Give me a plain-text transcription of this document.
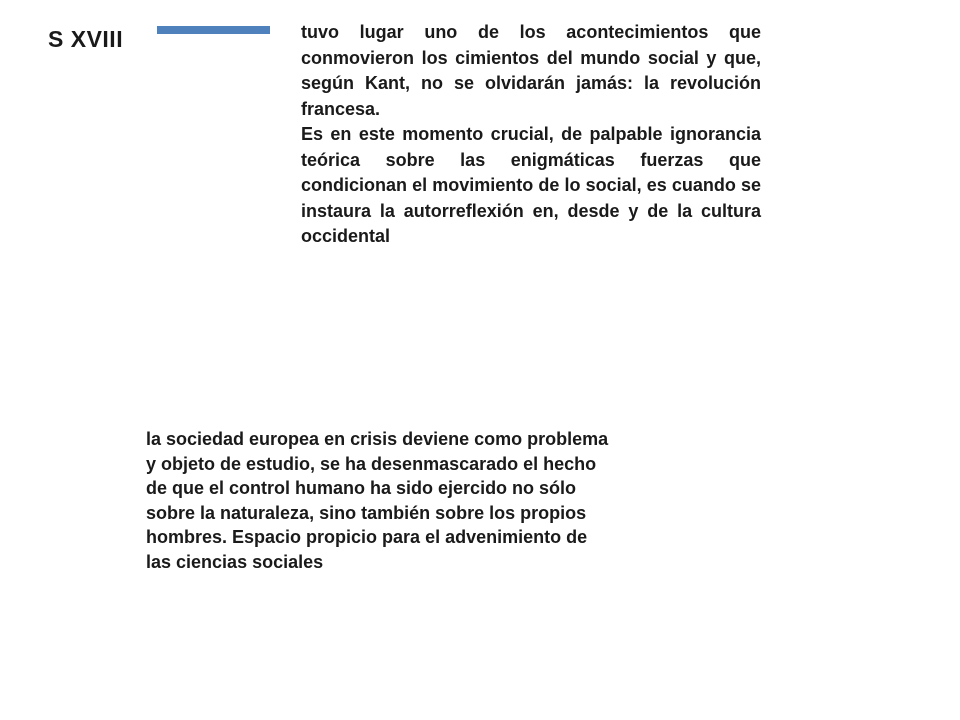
S XVIII	tuvo lugar uno de los acontecimientos que conmovieron los cimientos del mundo social y que, según Kant, no se olvidarán jamás: la revolución francesa.

Es en este momento crucial, de palpable ignorancia teórica sobre las enigmáticas fuerzas que condicionan el movimiento de lo social, es cuando se instaura la autorreflexión en, desde y de la cultura occidental

la sociedad europea en crisis deviene como problema y objeto de estudio, se ha desenmascarado el hecho de que el control humano ha sido ejercido no sólo sobre la naturaleza, sino también sobre los propios hombres. Espacio propicio para el advenimiento de las ciencias sociales
